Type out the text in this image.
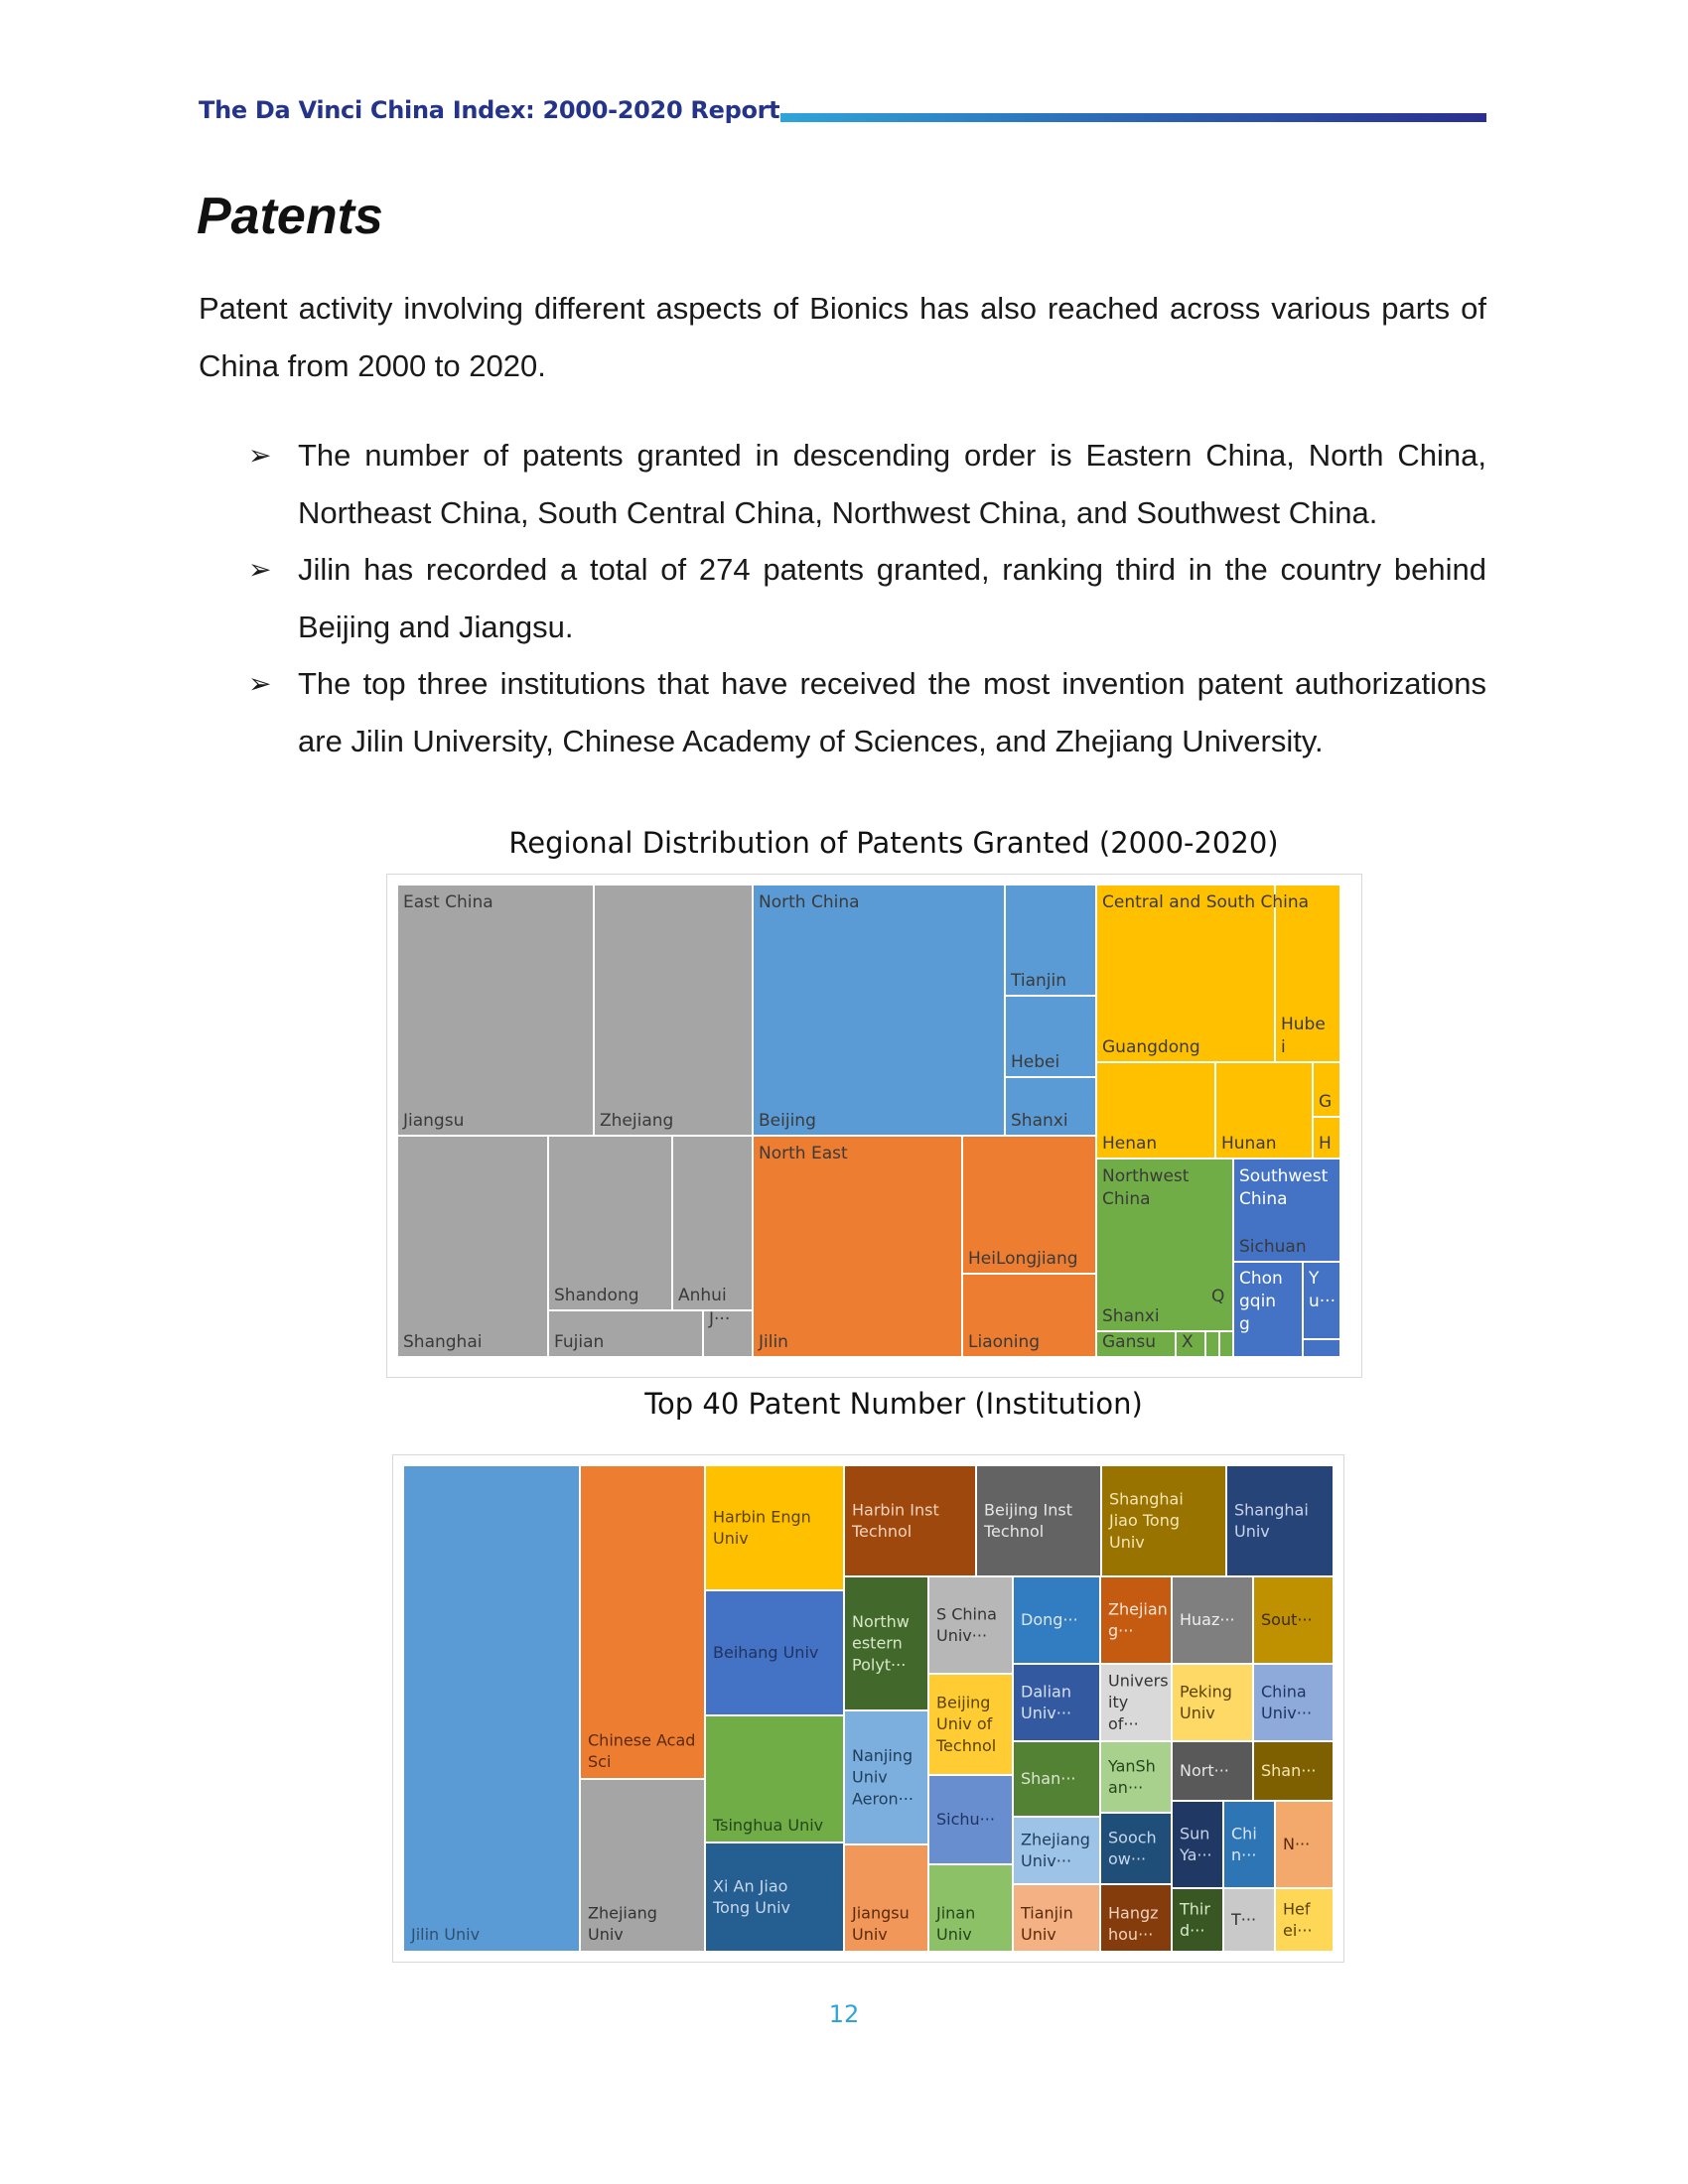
The Da Vinci China Index: 2000-2020 Report
Patents
Patent activity involving different aspects of Bionics has also reached across various parts of China from 2000 to 2020.
➢ The number of patents granted in descending order is Eastern China, North China, Northeast China, South Central China, Northwest China, and Southwest China.
➢ Jilin has recorded a total of 274 patents granted, ranking third in the country behind Beijing and Jiangsu.
➢ The top three institutions that have received the most invention patent authorizations are Jilin University, Chinese Academy of Sciences, and Zhejiang University.
Regional Distribution of Patents Granted (2000-2020)
Jiangsu	Zhejiang
Shanghai
Shandong Anhui
Fujian
J···
Beijing
Tianjin
Hebei
Shanxi
Jilin
HeiLongjiang
Liaoning
Guangdong
Hube i
Henan	Hunan
G
H
Shanxi
Gansu X
Q
Sichuan
Chon gqin g
Y u···
East China	North China
North East
Central and South China
Northwest China
Southwest China
Top 40 Patent Number (Institution)
Jilin Univ
Chinese Acad Sci
Zhejiang Univ
Harbin Engn Univ
Beihang Univ
Tsinghua Univ
Xi An Jiao Tong Univ
Harbin Inst Technol
Beijing Inst Technol
Shanghai Jiao Tong Univ
Shanghai Univ
Northw estern Polyt···
Nanjing Univ Aeron···
Jiangsu Univ
S China Univ···
Beijing Univ of Technol
Sichu···
Jinan Univ
Dong···
Dalian Univ···
Shan···
Zhejiang Univ···
Tianjin Univ
Zhejian g···
Univers ity of···
YanSh an···
Sooch ow···
Hangz hou···
Huaz··· Sout···
Peking Univ
China Univ···
Nort··· Shan···
Sun Ya···
Chi n···
N···
Thir d···
T···
Hef ei···
12
